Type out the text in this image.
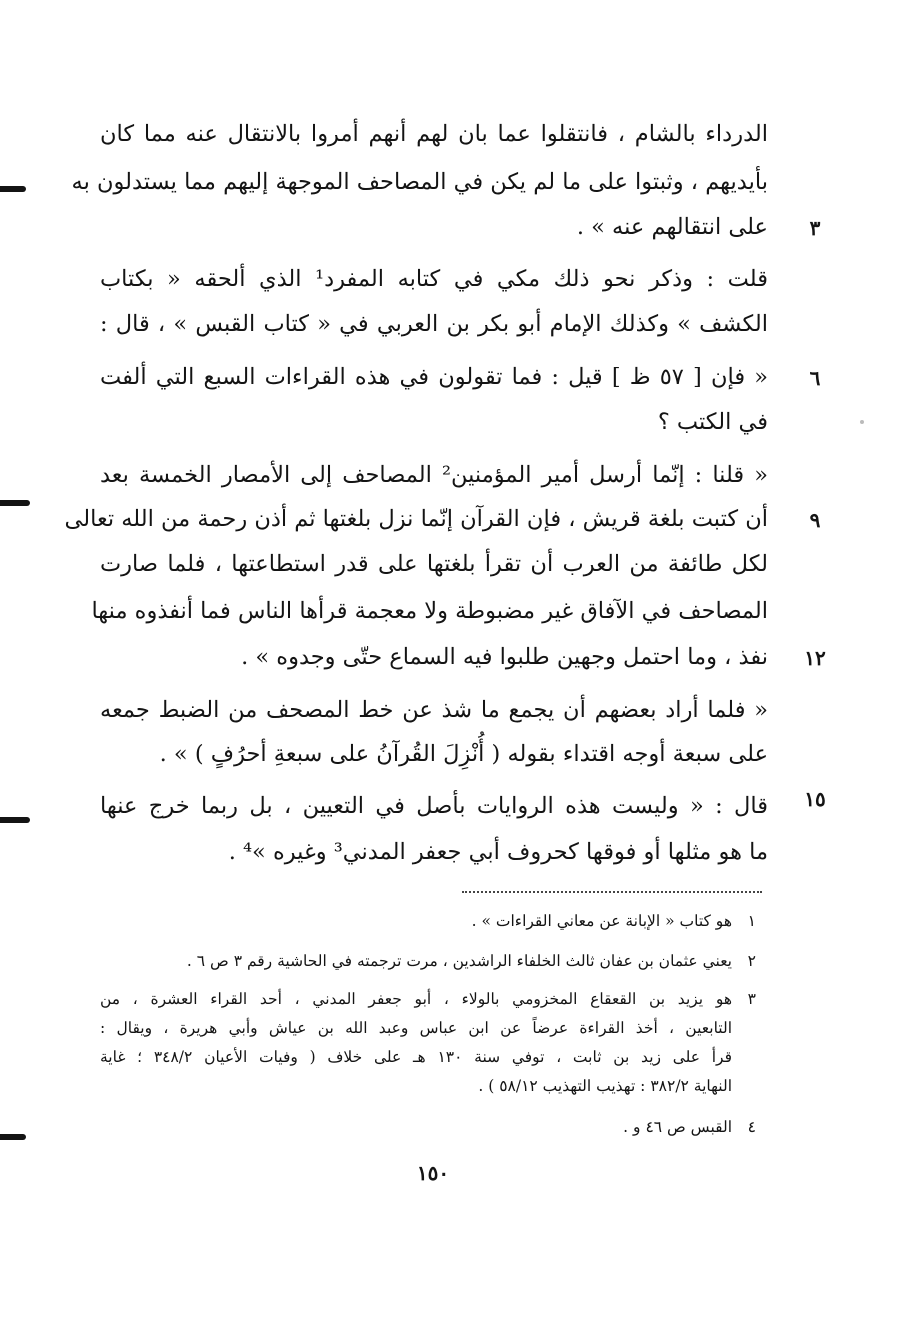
الدرداء بالشام ، فانتقلوا عما بان لهم أنهم أمروا بالانتقال عنه مما كان
بأيديهم ، وثبتوا على ما لم يكن في المصاحف الموجهة إليهم مما يستدلون به
على انتقالهم عنه » .
قلت : وذكر نحو ذلك مكي في كتابه المفرد¹ الذي ألحقه « بكتاب
الكشف » وكذلك الإمام أبو بكر بن العربي في « كتاب القبس » ، قال :
« فإن [ ٥٧ ظ ] قيل : فما تقولون في هذه القراءات السبع التي ألفت
في الكتب ؟
« قلنا : إنّما أرسل أمير المؤمنين² المصاحف إلى الأمصار الخمسة بعد
أن كتبت بلغة قريش ، فإن القرآن إنّما نزل بلغتها ثم أذن رحمة من الله تعالى
لكل طائفة من العرب أن تقرأ بلغتها على قدر استطاعتها ، فلما صارت
المصاحف في الآفاق غير مضبوطة ولا معجمة قرأها الناس فما أنفذوه منها
نفذ ، وما احتمل وجهين طلبوا فيه السماع حتّى وجدوه » .
« فلما أراد بعضهم أن يجمع ما شذ عن خط المصحف من الضبط جمعه
على سبعة أوجه اقتداء بقوله ( أُنْزِلَ القُرآنُ على سبعةِ أحرُفٍ ) » .
قال : « وليست هذه الروايات بأصل في التعيين ، بل ربما خرج عنها
ما هو مثلها أو فوقها كحروف أبي جعفر المدني³ وغيره »⁴ .
٣
٦
٩
١٢
١٥
١هو كتاب « الإبانة عن معاني القراءات » .
٢يعني عثمان بن عفان ثالث الخلفاء الراشدين ، مرت ترجمته في الحاشية رقم ٣ ص ٦ .
٣
هو يزيد بن القعقاع المخزومي بالولاء ، أبو جعفر المدني ، أحد القراء العشرة ، من
التابعين ، أخذ القراءة عرضاً عن ابن عباس وعبد الله بن عياش وأبي هريرة ، ويقال :
قرأ على زيد بن ثابت ، توفي سنة ١٣٠ هـ على خلاف ( وفيات الأعيان ٣٤٨/٢ ؛ غاية
النهاية ٣٨٢/٢ : تهذيب التهذيب ٥٨/١٢ ) .
٤القبس ص ٤٦ و .
١٥٠
